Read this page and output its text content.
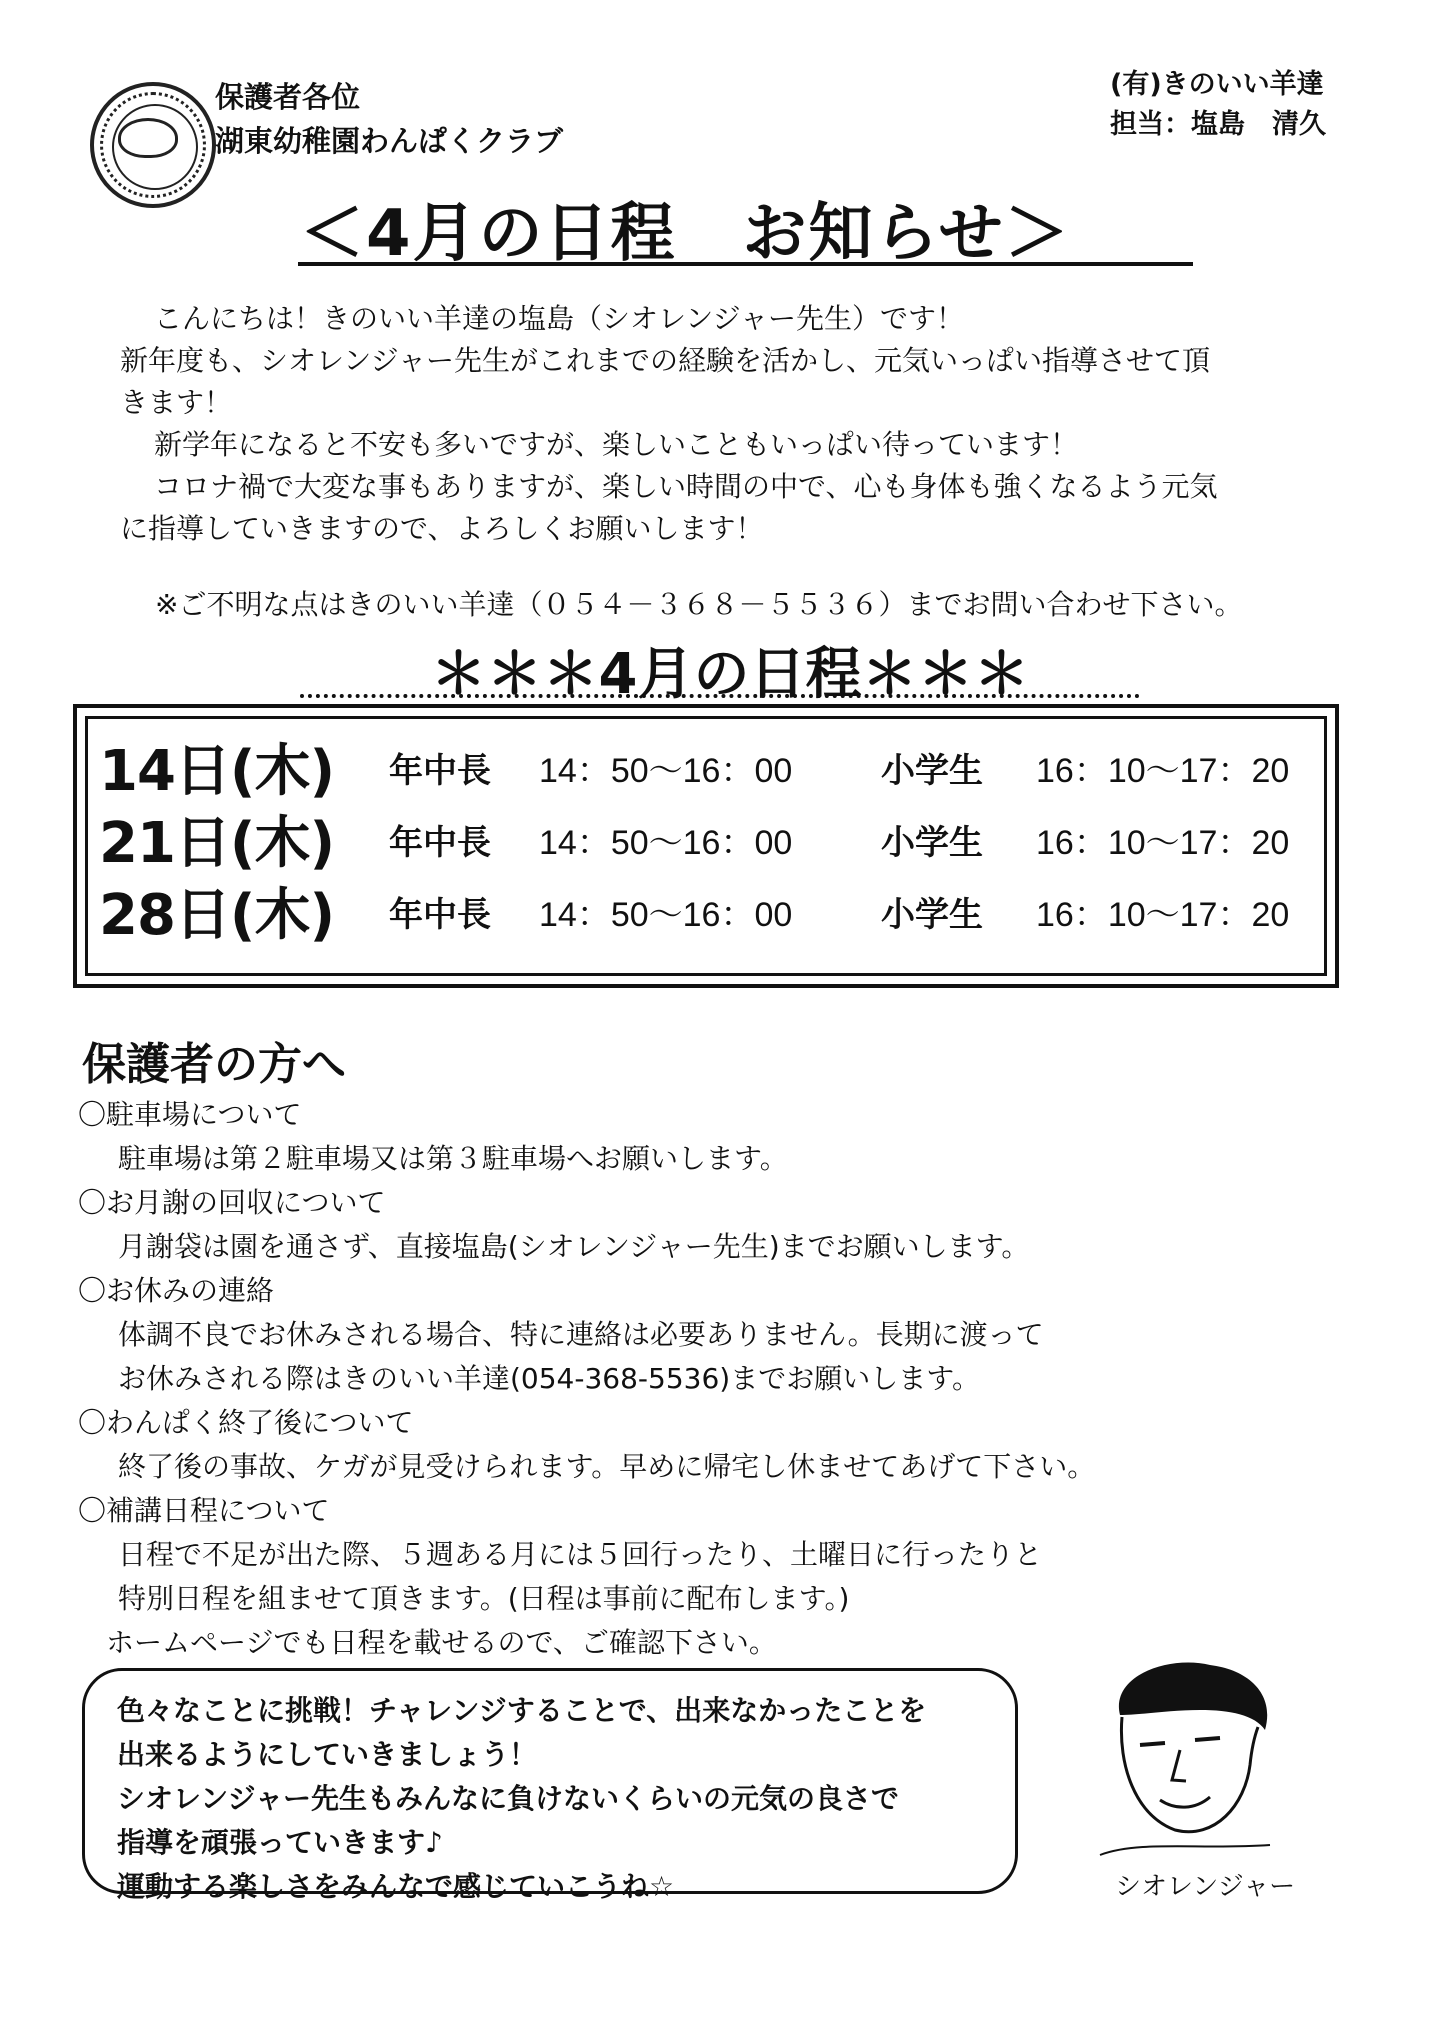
保護者各位
湖東幼稚園わんぱくクラブ
(有)きのいい羊達
担当：塩島　清久
＜4月の日程　お知らせ＞

こんにちは！きのいい羊達の塩島（シオレンジャー先生）です！

新年度も、シオレンジャー先生がこれまでの経験を活かし、元気いっぱい指導させて頂

きます！

新学年になると不安も多いですが、楽しいこともいっぱい待っています！

コロナ禍で大変な事もありますが、楽しい時間の中で、心も身体も強くなるよう元気

に指導していきますので、よろしくお願いします！

※ご不明な点はきのいい羊達（０５４－３６８－５５３６）までお問い合わせ下さい。
＊＊＊4月の日程＊＊＊
14日(木)	年中長	14：50〜16：00	小学生	16：10〜17：20
21日(木)	年中長	14：50〜16：00	小学生	16：10〜17：20
28日(木)	年中長	14：50〜16：00	小学生	16：10〜17：20
保護者の方へ

〇駐車場について

駐車場は第２駐車場又は第３駐車場へお願いします。

〇お月謝の回収について

月謝袋は園を通さず、直接塩島(シオレンジャー先生)までお願いします。

〇お休みの連絡

体調不良でお休みされる場合、特に連絡は必要ありません。長期に渡って

お休みされる際はきのいい羊達(054-368-5536)までお願いします。

〇わんぱく終了後について

終了後の事故、ケガが見受けられます。早めに帰宅し休ませてあげて下さい。

〇補講日程について

日程で不足が出た際、５週ある月には５回行ったり、土曜日に行ったりと

特別日程を組ませて頂きます。(日程は事前に配布します。)

ホームページでも日程を載せるので、ご確認下さい。

色々なことに挑戦！チャレンジすることで、出来なかったことを
出来るようにしていきましょう！
シオレンジャー先生もみんなに負けないくらいの元気の良さで
指導を頑張っていきます♪
運動する楽しさをみんなで感じていこうね☆	シオレンジャー
